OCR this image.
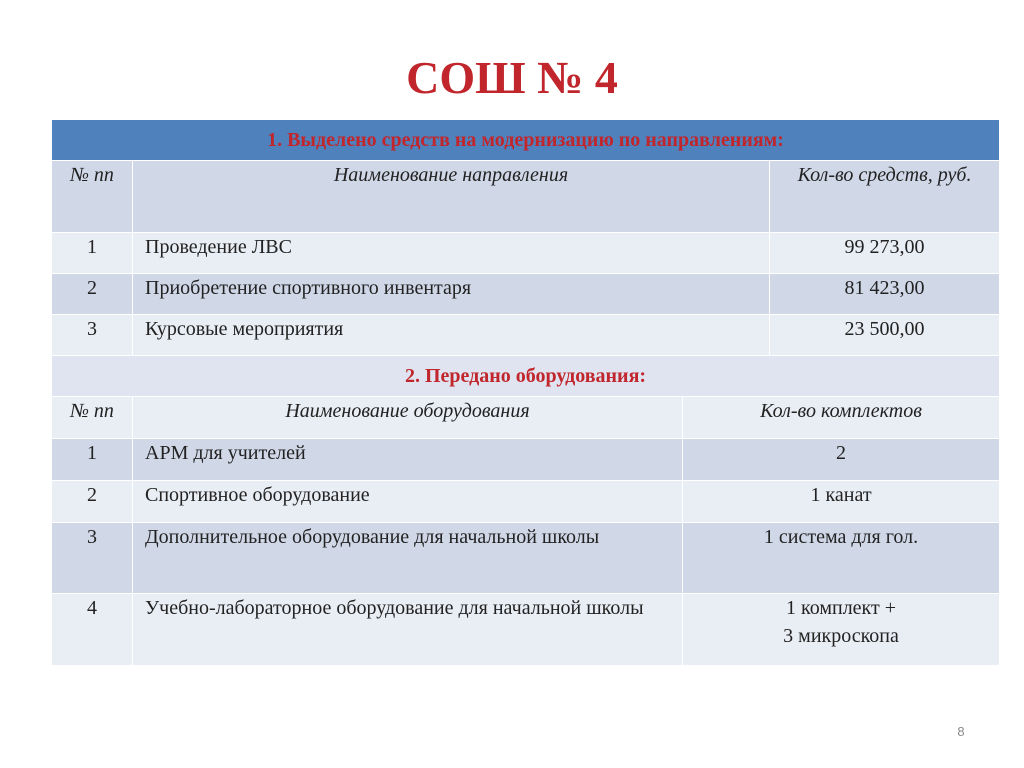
СОШ № 4
1. Выделено средств на модернизацию по направлениям:			
№ пп	Наименование направления		Кол-во средств, руб.
1	Проведение ЛВС		99 273,00
2	Приобретение спортивного инвентаря		81 423,00
3	Курсовые мероприятия		23 500,00
2. Передано оборудования:			
№ пп	Наименование оборудования	Кол-во комплектов	
1	АРМ для учителей	2	
2	Спортивное оборудование	1 канат	
3	Дополнительное оборудование для начальной школы	1 система для гол.	
4	Учебно-лабораторное оборудование для начальной школы	1 комплект +
3 микроскопа	
8
